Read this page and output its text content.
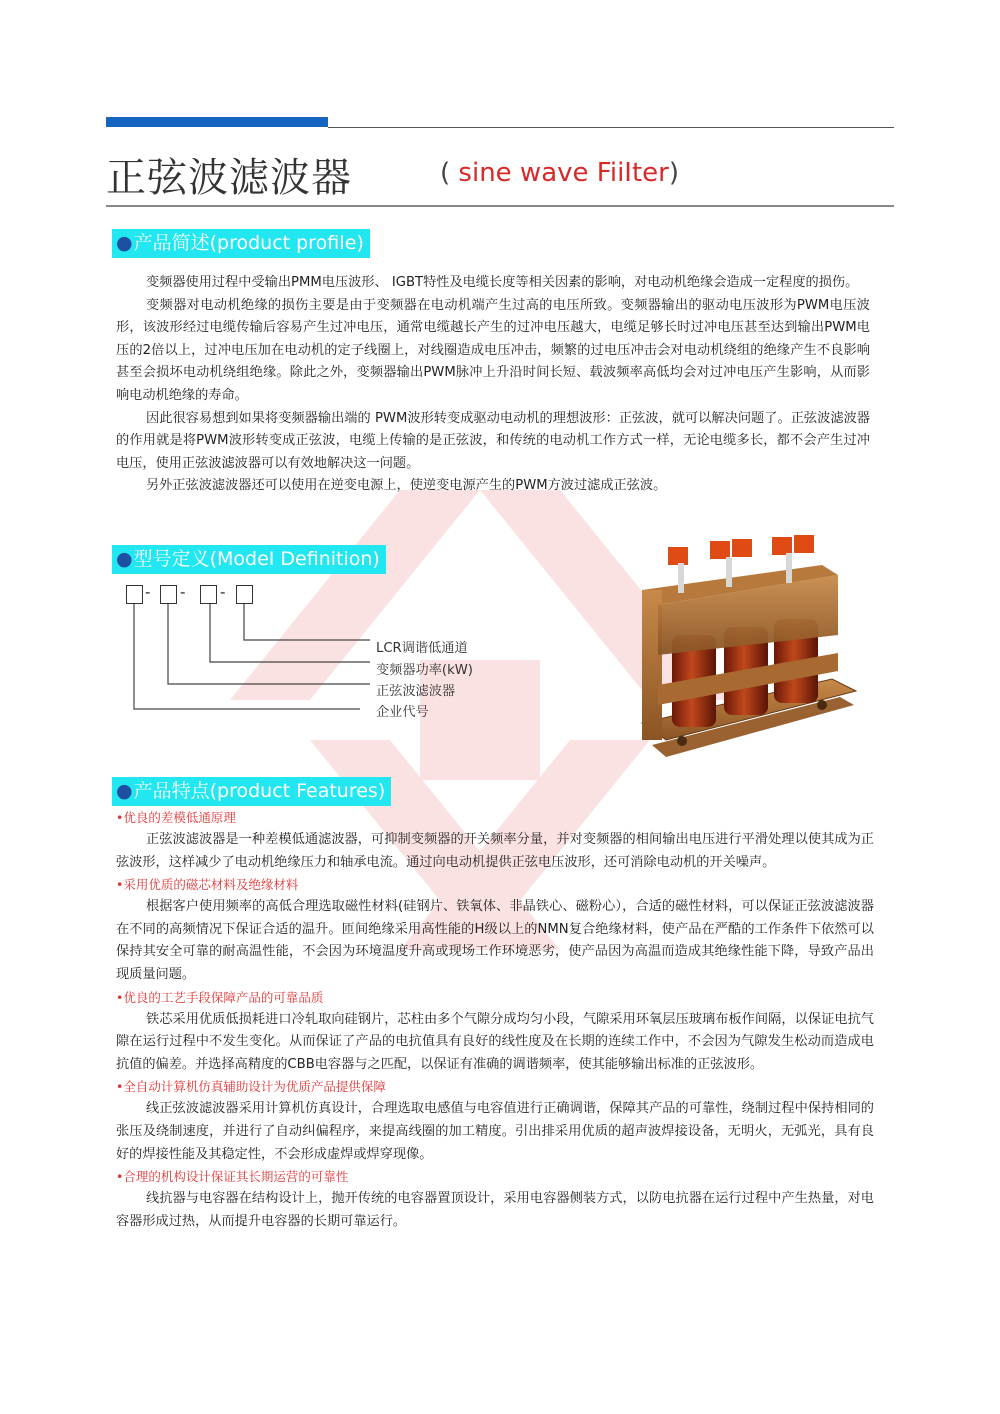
正弦波滤波器	( sine wave FiiIter)
●产品简述(product profiIe)

变频器使用过程中受输出PMM电压波形、 IGBT特性及电缆长度等相关因素的影响，对电动机绝缘会造成一定程度的损伤。

变频器对电动机绝缘的损伤主要是由于变频器在电动机端产生过高的电压所致。变频器输出的驱动电压波形为PWM电压波形，该波形经过电缆传输后容易产生过冲电压，通常电缆越长产生的过冲电压越大，电缆足够长时过冲电压甚至达到输出PWM电压的2倍以上，过冲电压加在电动机的定子线圈上，对线圈造成电压冲击，频繁的过电压冲击会对电动机绕组的绝缘产生不良影响甚至会损坏电动机绕组绝缘。除此之外，变频器输出PWM脉冲上升沿时间长短、载波频率高低均会对过冲电压产生影响，从而影响电动机绝缘的寿命。

因此很容易想到如果将变频器输出端的 PWM波形转变成驱动电动机的理想波形：正弦波，就可以解决问题了。正弦波滤波器的作用就是将PWM波形转变成正弦波，电缆上传输的是正弦波，和传统的电动机工作方式一样，无论电缆多长，都不会产生过冲电压，使用正弦波滤波器可以有效地解决这一问题。

另外正弦波滤波器还可以使用在逆变电源上，使逆变电源产生的PWM方波过滤成正弦波。

●型号定义(ModeI Definition)
- - -
LCR调谐低通道
变频器功率(kW)
正弦波滤波器
企业代号
●产品特点(product Features)
•优良的差模低通原理

正弦波滤波器是一种差模低通滤波器，可抑制变频器的开关频率分量，并对变频器的相间输出电压进行平滑处理以使其成为正弦波形，这样减少了电动机绝缘压力和轴承电流。通过向电动机提供正弦电压波形，还可消除电动机的开关噪声。

•采用优质的磁芯材料及绝缘材料

根据客户使用频率的高低合理选取磁性材料(硅钢片、铁氧体、非晶铁心、磁粉心），合适的磁性材料，可以保证正弦波滤波器在不同的高频情况下保证合适的温升。匝间绝缘采用高性能的H级以上的NMN复合绝缘材料，使产品在严酷的工作条件下依然可以保持其安全可靠的耐高温性能，不会因为环境温度升高或现场工作环境恶劣，使产品因为高温而造成其绝缘性能下降，导致产品出现质量问题。

•优良的工艺手段保障产品的可靠品质

铁芯采用优质低损耗进口冷轧取向硅钢片，芯柱由多个气隙分成均匀小段，气隙采用环氧层压玻璃布板作间隔，以保证电抗气隙在运行过程中不发生变化。从而保证了产品的电抗值具有良好的线性度及在长期的连续工作中，不会因为气隙发生松动而造成电抗值的偏差。并选择高精度的CBB电容器与之匹配，以保证有准确的调谐频率，使其能够输出标准的正弦波形。

•全自动计算机仿真辅助设计为优质产品提供保障

线正弦波滤波器采用计算机仿真设计，合理选取电感值与电容值进行正确调谐，保障其产品的可靠性，绕制过程中保持相同的张压及绕制速度，并进行了自动纠偏程序，来提高线圈的加工精度。引出排采用优质的超声波焊接设备，无明火，无弧光，具有良好的焊接性能及其稳定性，不会形成虚焊或焊穿现像。

•合理的机构设计保证其长期运营的可靠性

线抗器与电容器在结构设计上，抛开传统的电容器置顶设计，采用电容器侧装方式，以防电抗器在运行过程中产生热量，对电容器形成过热，从而提升电容器的长期可靠运行。
